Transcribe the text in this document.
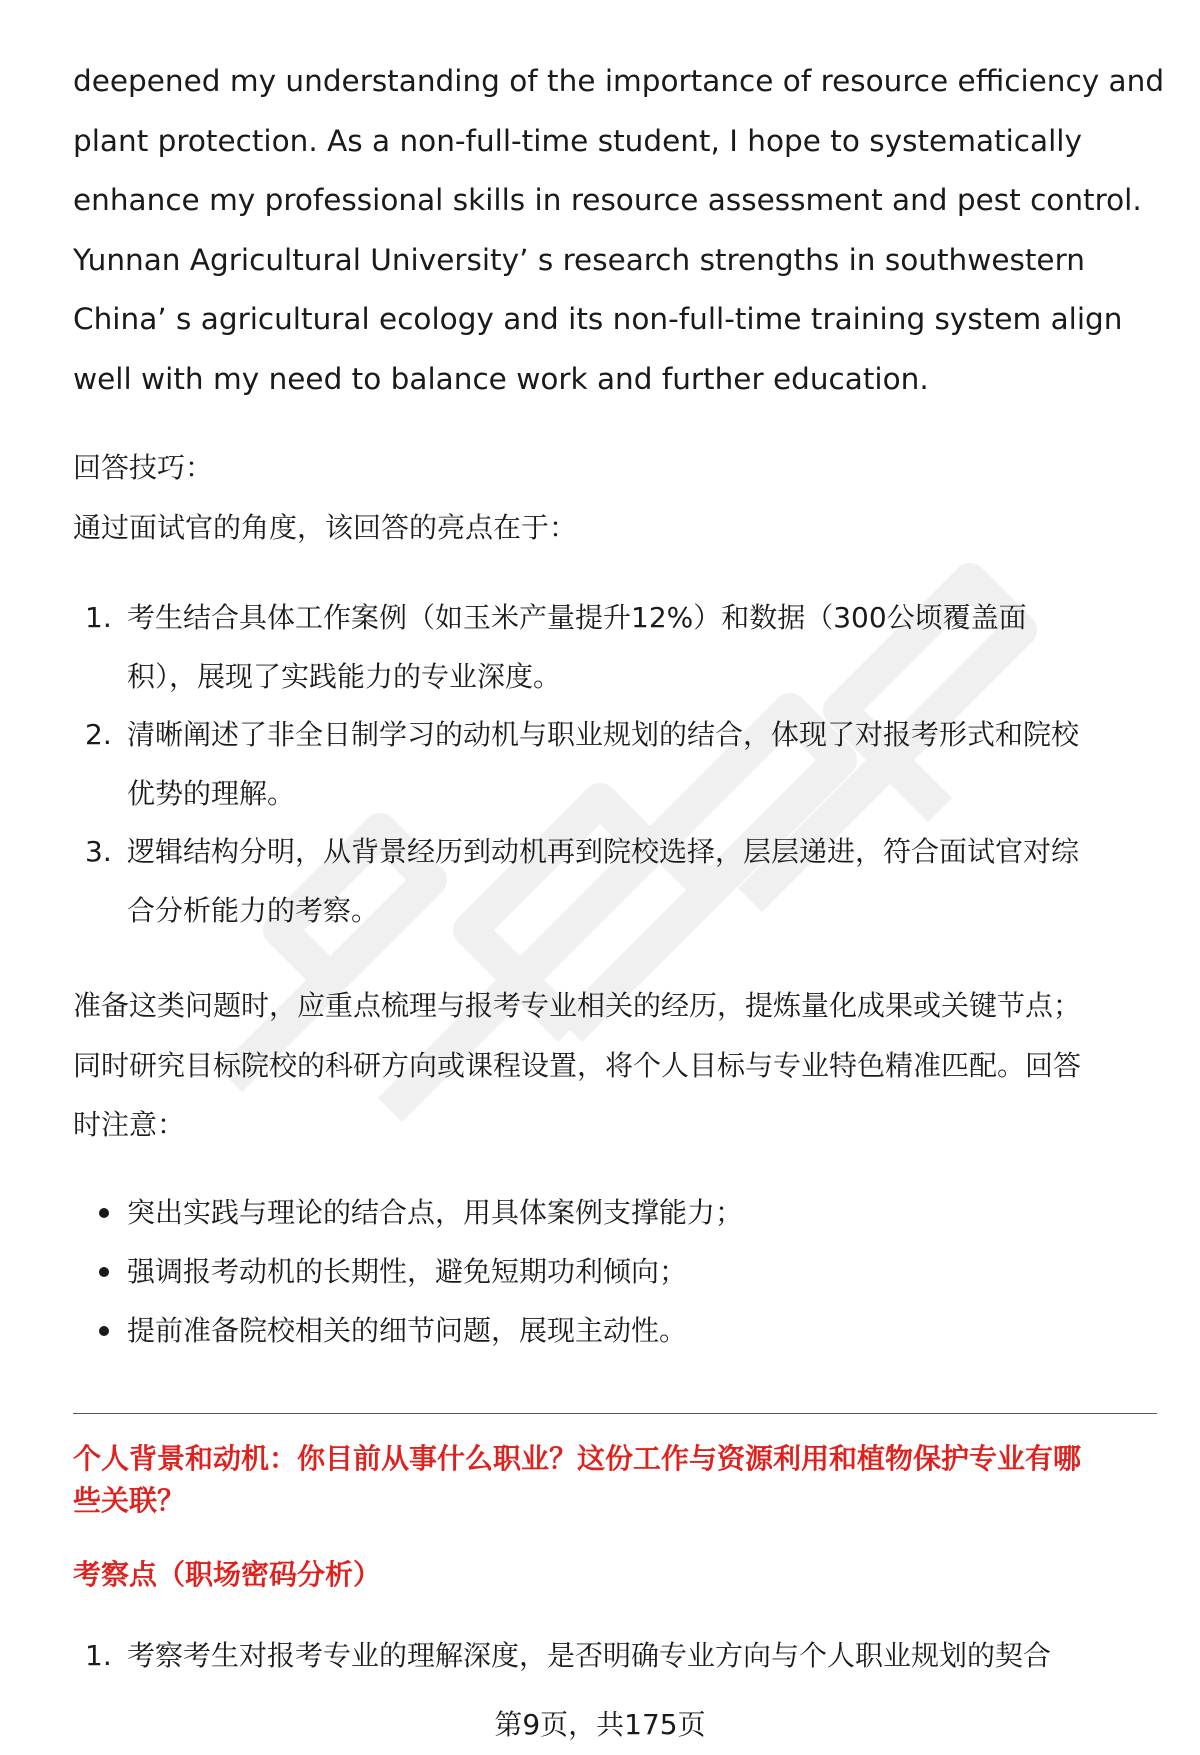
deepened my understanding of the importance of resource efficiency and
plant protection. As a non-full-time student, I hope to systematically
enhance my professional skills in resource assessment and pest control.
Yunnan Agricultural University’ s research strengths in southwestern
China’ s agricultural ecology and its non-full-time training system align
well with my need to balance work and further education.

回答技巧：

通过面试官的角度，该回答的亮点在于：

1. 考生结合具体工作案例（如玉米产量提升12%）和数据（300公顷覆盖面
积），展现了实践能力的专业深度。
2. 清晰阐述了非全日制学习的动机与职业规划的结合，体现了对报考形式和院校
优势的理解。
3. 逻辑结构分明，从背景经历到动机再到院校选择，层层递进，符合面试官对综
合分析能力的考察。
准备这类问题时，应重点梳理与报考专业相关的经历，提炼量化成果或关键节点；
同时研究目标院校的科研方向或课程设置，将个人目标与专业特色精准匹配。回答
时注意：
突出实践与理论的结合点，用具体案例支撑能力；
强调报考动机的长期性，避免短期功利倾向；
提前准备院校相关的细节问题，展现主动性。
个人背景和动机：你目前从事什么职业？这份工作与资源利用和植物保护专业有哪
些关联？

考察点（职场密码分析）

1. 考察考生对报考专业的理解深度，是否明确专业方向与个人职业规划的契合
第9页，共175页
